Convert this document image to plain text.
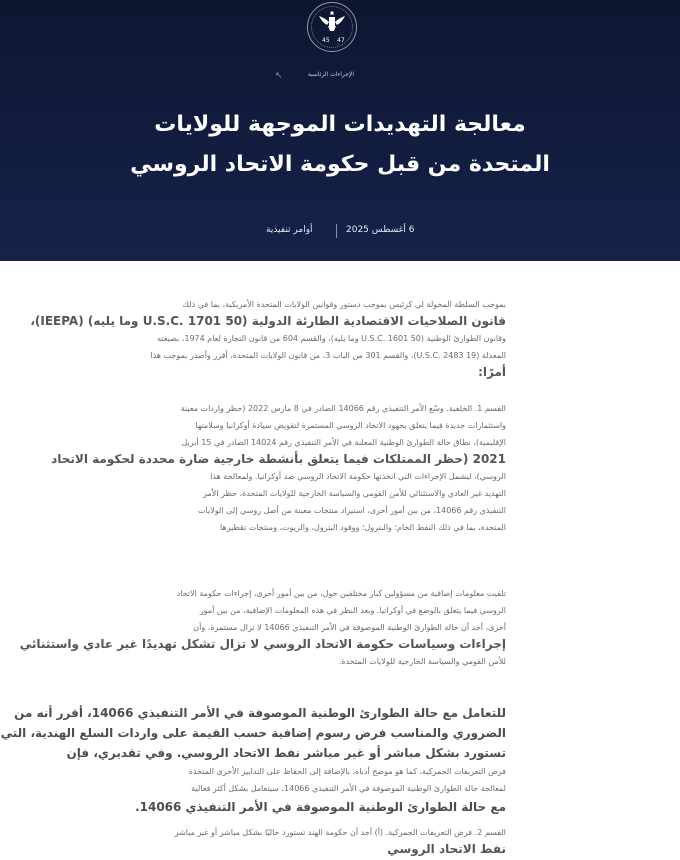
45 47
↖	الإجراءات الرئاسية
معالجة التهديدات الموجهة للولايات
المتحدة من قبل حكومة الاتحاد الروسي
6 أغسطس 2025
أوامر تنفيذية
بموجب السلطة المخولة لي كرئيس بموجب دستور وقوانين الولايات المتحدة الأمريكية، بما في ذلك
قانون الصلاحيات الاقتصادية الطارئة الدولية (50 U.S.C. 1701 وما يليه) (IEEPA)،
وقانون الطوارئ الوطنية (50 U.S.C. 1601 وما يليه)، والقسم 604 من قانون التجارة لعام 1974، بصيغته
المعدلة (19 U.S.C. 2483)، والقسم 301 من الباب 3، من قانون الولايات المتحدة، أقرر وأصدر بموجب هذا
أمرًا:
القسم 1. الخلفية. وسّع الأمر التنفيذي رقم 14066 الصادر في 8 مارس 2022 (حظر واردات معينة
واستثمارات جديدة فيما يتعلق بجهود الاتحاد الروسي المستمرة لتقويض سيادة أوكرانيا وسلامتها
الإقليمية)، نطاق حالة الطوارئ الوطنية المعلنة في الأمر التنفيذي رقم 14024 الصادر في 15 أبريل
2021 (حظر الممتلكات فيما يتعلق بأنشطة خارجية ضارة محددة لحكومة الاتحاد
الروسي)، ليشمل الإجراءات التي اتخذتها حكومة الاتحاد الروسي ضد أوكرانيا. ولمعالجة هذا
التهديد غير العادي والاستثنائي للأمن القومي والسياسة الخارجية للولايات المتحدة، حظر الأمر
التنفيذي رقم 14066، من بين أمور أخرى، استيراد منتجات معينة من أصل روسي إلى الولايات
المتحدة، بما في ذلك النفط الخام؛ والبترول؛ ووقود البترول، والزيوت، ومنتجات تقطيرها
تلقيت معلومات إضافية من مسؤولين كبار مختلفين حول، من بين أمور أخرى، إجراءات حكومة الاتحاد
الروسي فيما يتعلق بالوضع في أوكرانيا. وبعد النظر في هذه المعلومات الإضافية، من بين أمور
أخرى، أجد أن حالة الطوارئ الوطنية الموصوفة في الأمر التنفيذي 14066 لا تزال مستمرة، وأن
إجراءات وسياسات حكومة الاتحاد الروسي لا تزال تشكل تهديدًا غير عادي واستثنائي
للأمن القومي والسياسة الخارجية للولايات المتحدة.
للتعامل مع حالة الطوارئ الوطنية الموصوفة في الأمر التنفيذي 14066، أقرر أنه من
الضروري والمناسب فرض رسوم إضافية حسب القيمة على واردات السلع الهندية، التي
تستورد بشكل مباشر أو غير مباشر نفط الاتحاد الروسي. وفي تقديري، فإن
فرض التعريفات الجمركية، كما هو موضح أدناه، بالإضافة إلى الحفاظ على التدابير الأخرى المتخذة
لمعالجة حالة الطوارئ الوطنية الموصوفة في الأمر التنفيذي 14066، سيتعامل بشكل أكثر فعالية
مع حالة الطوارئ الوطنية الموصوفة في الأمر التنفيذي 14066.
القسم 2. فرض التعريفات الجمركية. (أ) أجد أن حكومة الهند تستورد حاليًا بشكل مباشر أو غير مباشر
نفط الاتحاد الروسي
